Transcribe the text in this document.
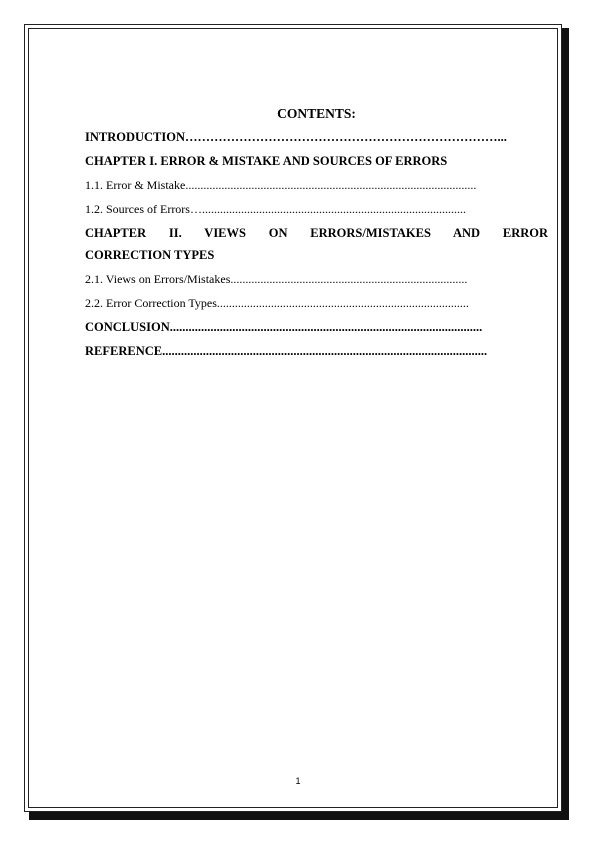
CONTENTS:
INTRODUCTION…………………………………………………………………...
CHAPTER I. ERROR & MISTAKE AND SOURCES OF ERRORS
1.1. Error & Mistake.................................................................................................
1.2. Sources of Errors…........................................................................................
CHAPTER II. VIEWS ON ERRORS/MISTAKES AND ERROR
CORRECTION TYPES
2.1. Views on Errors/Mistakes...............................................................................
2.2. Error Correction Types....................................................................................
CONCLUSION....................................................................................................
REFERENCE........................................................................................................
1
